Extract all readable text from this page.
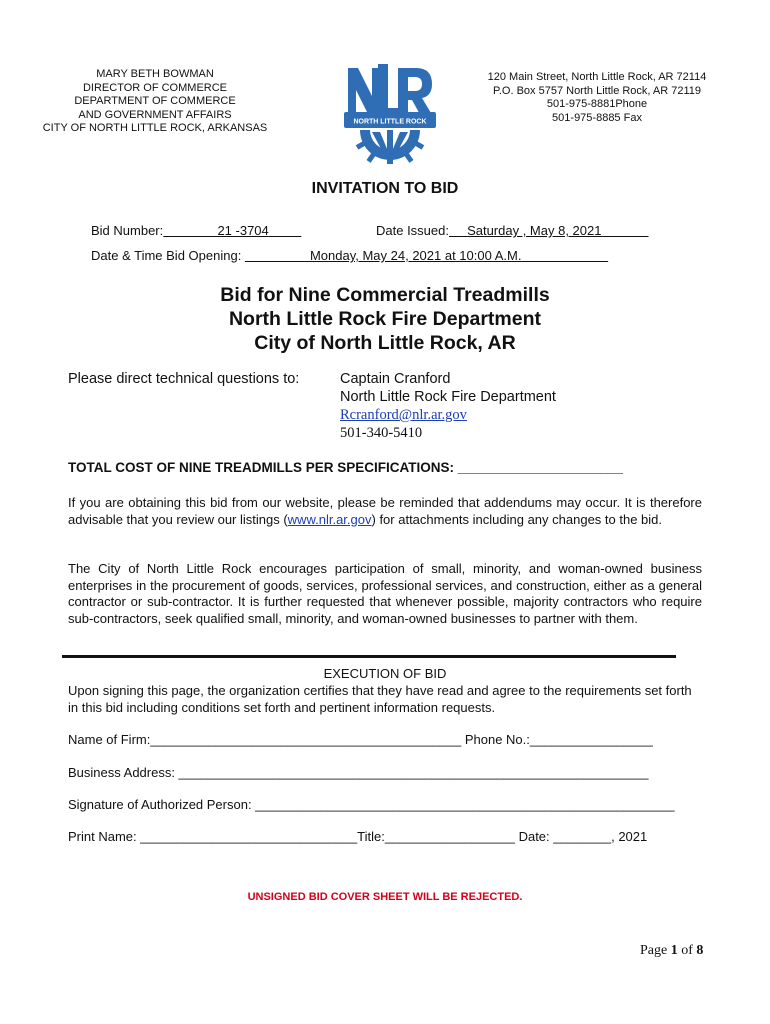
MARY BETH BOWMAN
DIRECTOR OF COMMERCE
DEPARTMENT OF COMMERCE
AND GOVERNMENT AFFAIRS
CITY OF NORTH LITTLE ROCK, ARKANSAS	NORTH LITTLE ROCK
120 Main Street, North Little Rock, AR 72114
P.O. Box 5757 North Little Rock, AR 72119
501-975-8881Phone
501-975-8885 Fax
INVITATION TO BID
Bid Number:	21 -3704	Date Issued: Saturday , May 8, 2021
Date & Time Bid Opening:	Monday, May 24, 2021 at 10:00 A.M.
Bid for Nine Commercial Treadmills
North Little Rock Fire Department
City of North Little Rock, AR
Please direct technical questions to:	Captain Cranford
North Little Rock Fire Department
Rcranford@nlr.ar.gov
501-340-5410
TOTAL COST OF NINE TREADMILLS PER SPECIFICATIONS: ______________________
If you are obtaining this bid from our website, please be reminded that addendums may occur. It is therefore advisable that you review our listings (www.nlr.ar.gov) for attachments including any changes to the bid.
The City of North Little Rock encourages participation of small, minority, and woman-owned business enterprises in the procurement of goods, services, professional services, and construction, either as a general contractor or sub-contractor. It is further requested that whenever possible, majority contractors who require sub-contractors, seek qualified small, minority, and woman-owned businesses to partner with them.
EXECUTION OF BID
Upon signing this page, the organization certifies that they have read and agree to the requirements set forth in this bid including conditions set forth and pertinent information requests.
Name of Firm:___________________________________________ Phone No.:_________________
Business Address: _________________________________________________________________
Signature of Authorized Person: __________________________________________________________
Print Name: ______________________________Title:__________________ Date: ________, 2021
UNSIGNED BID COVER SHEET WILL BE REJECTED.
Page 1 of 8
